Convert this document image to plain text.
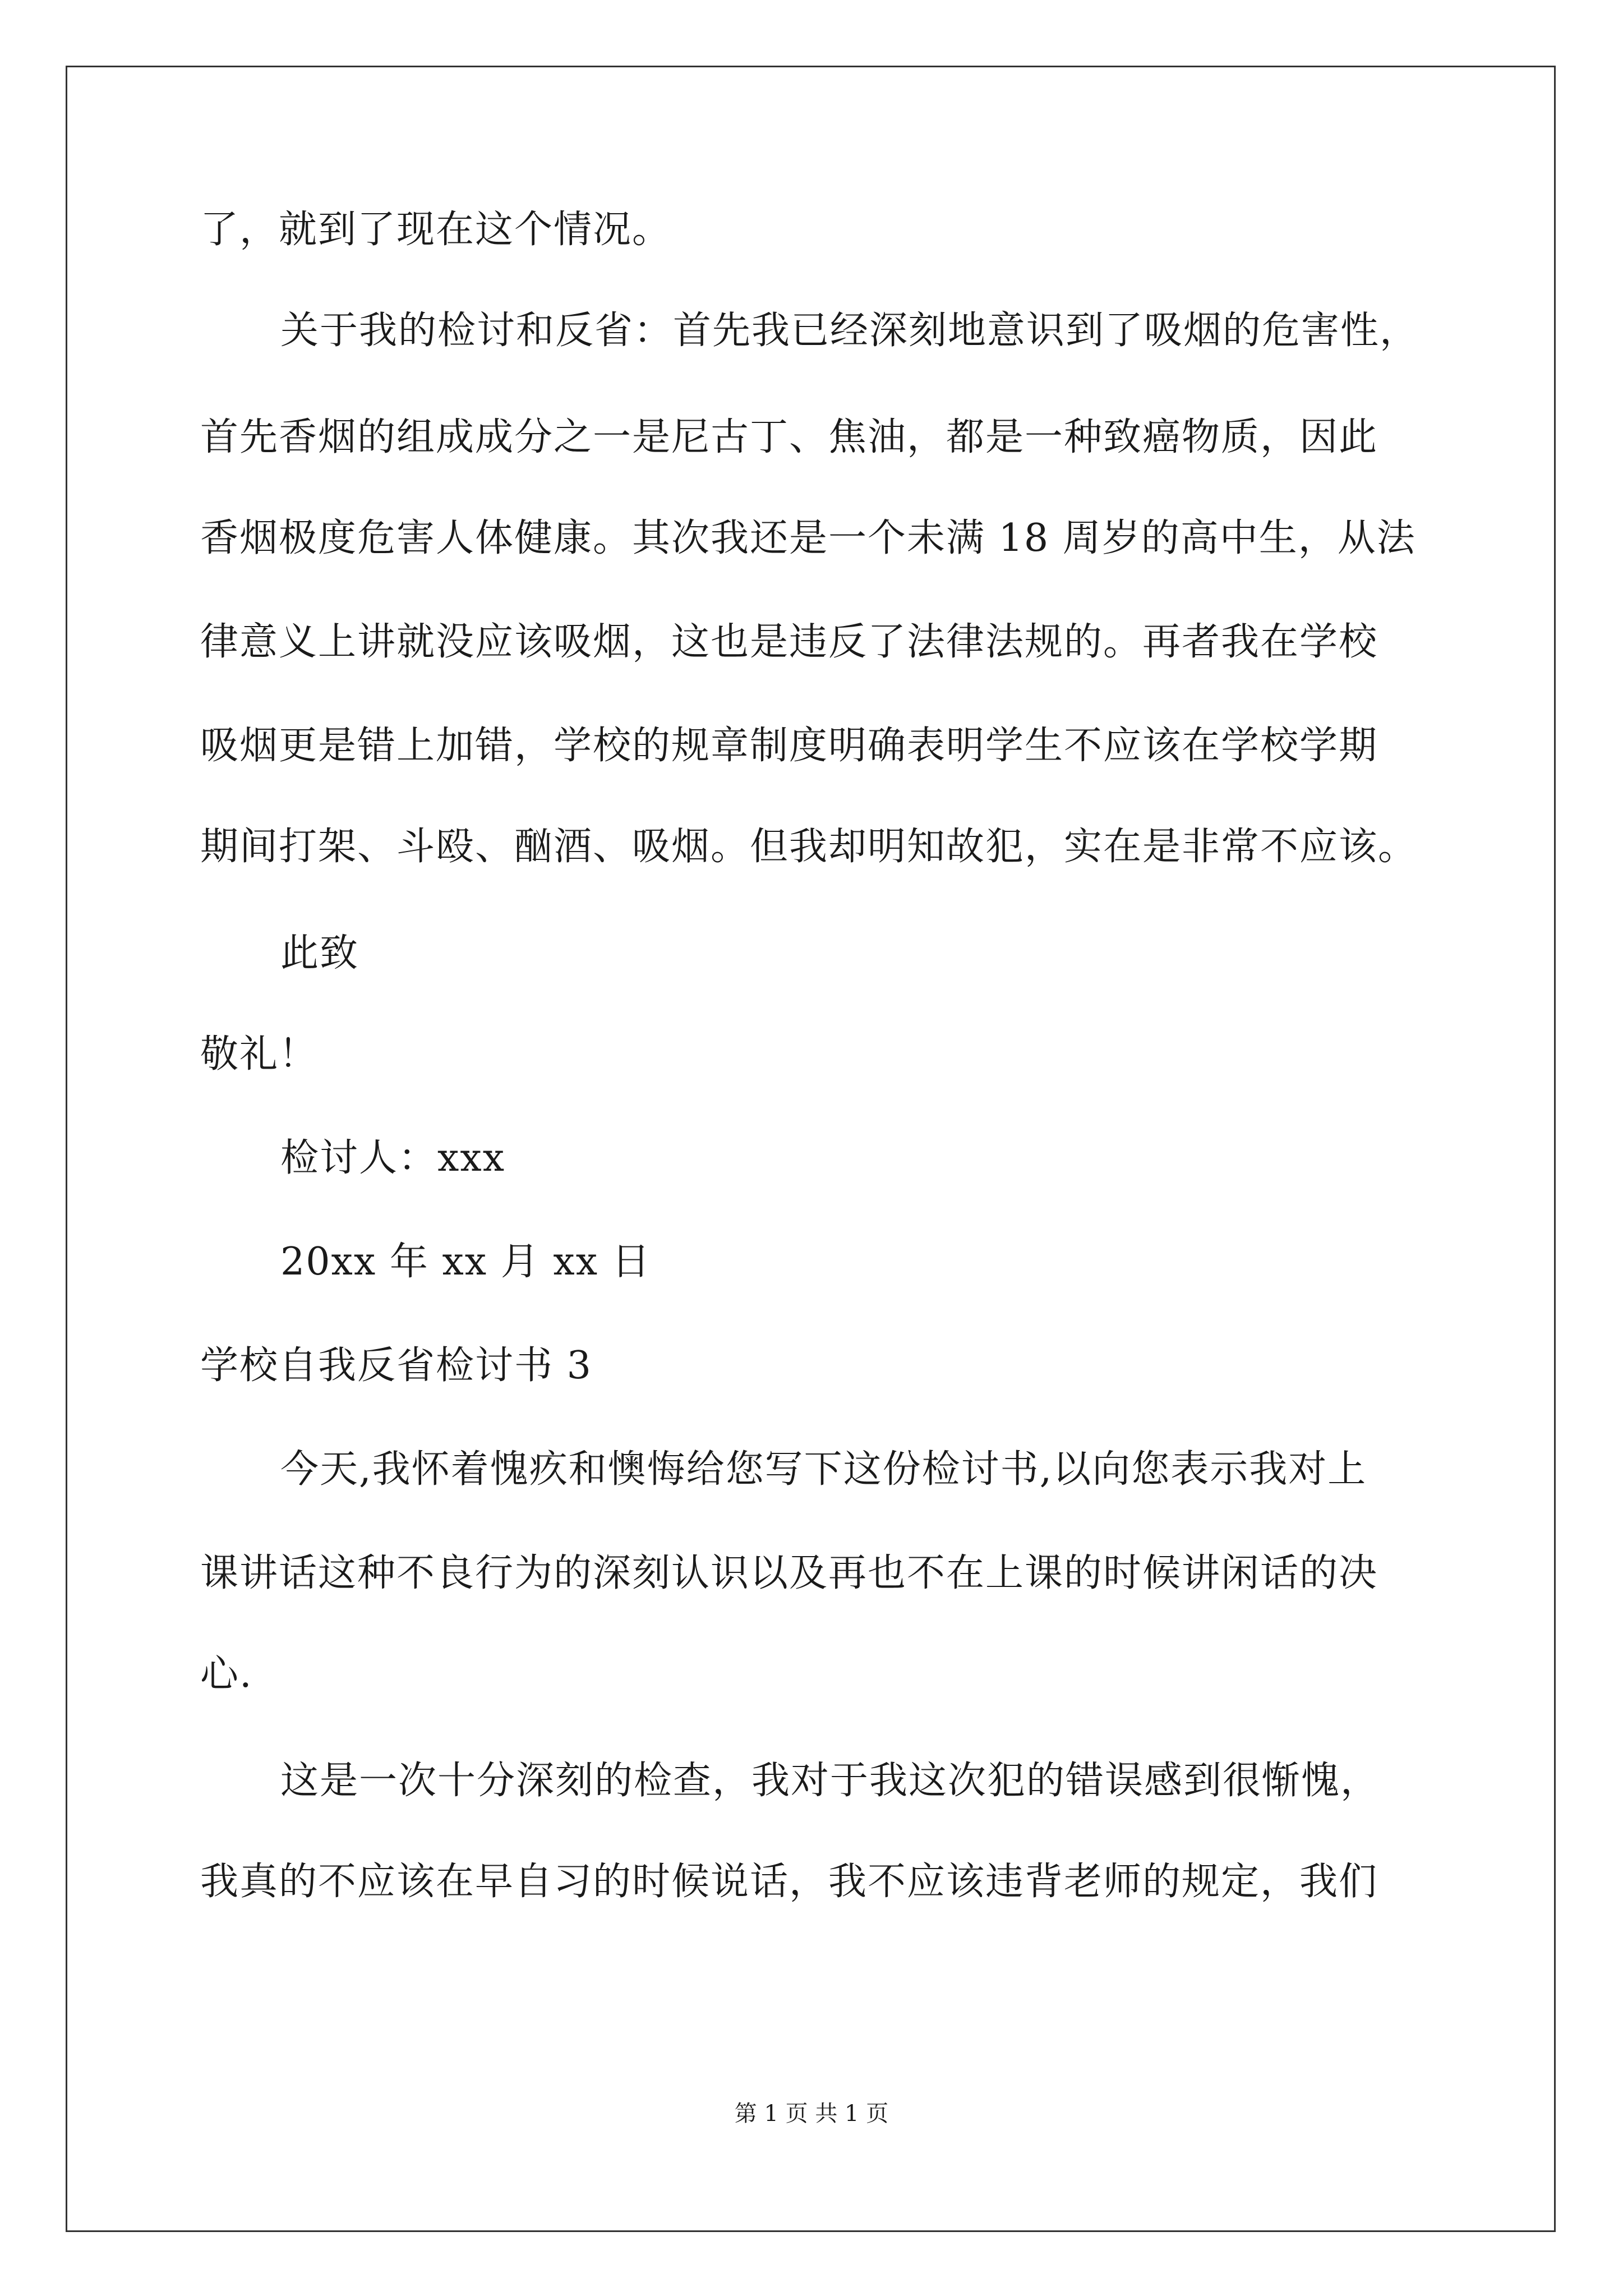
了，就到了现在这个情况。
关于我的检讨和反省：首先我已经深刻地意识到了吸烟的危害性，
首先香烟的组成成分之一是尼古丁、焦油，都是一种致癌物质，因此
香烟极度危害人体健康。其次我还是一个未满 18 周岁的高中生，从法
律意义上讲就没应该吸烟，这也是违反了法律法规的。再者我在学校
吸烟更是错上加错，学校的规章制度明确表明学生不应该在学校学期
期间打架、斗殴、酗酒、吸烟。但我却明知故犯，实在是非常不应该。
此致
敬礼！
检讨人：xxx
20xx 年 xx 月 xx 日
学校自我反省检讨书 3
今天,我怀着愧疚和懊悔给您写下这份检讨书,以向您表示我对上
课讲话这种不良行为的深刻认识以及再也不在上课的时候讲闲话的决
心.
这是一次十分深刻的检查，我对于我这次犯的错误感到很惭愧，
我真的不应该在早自习的时候说话，我不应该违背老师的规定，我们
第 1 页 共 1 页
